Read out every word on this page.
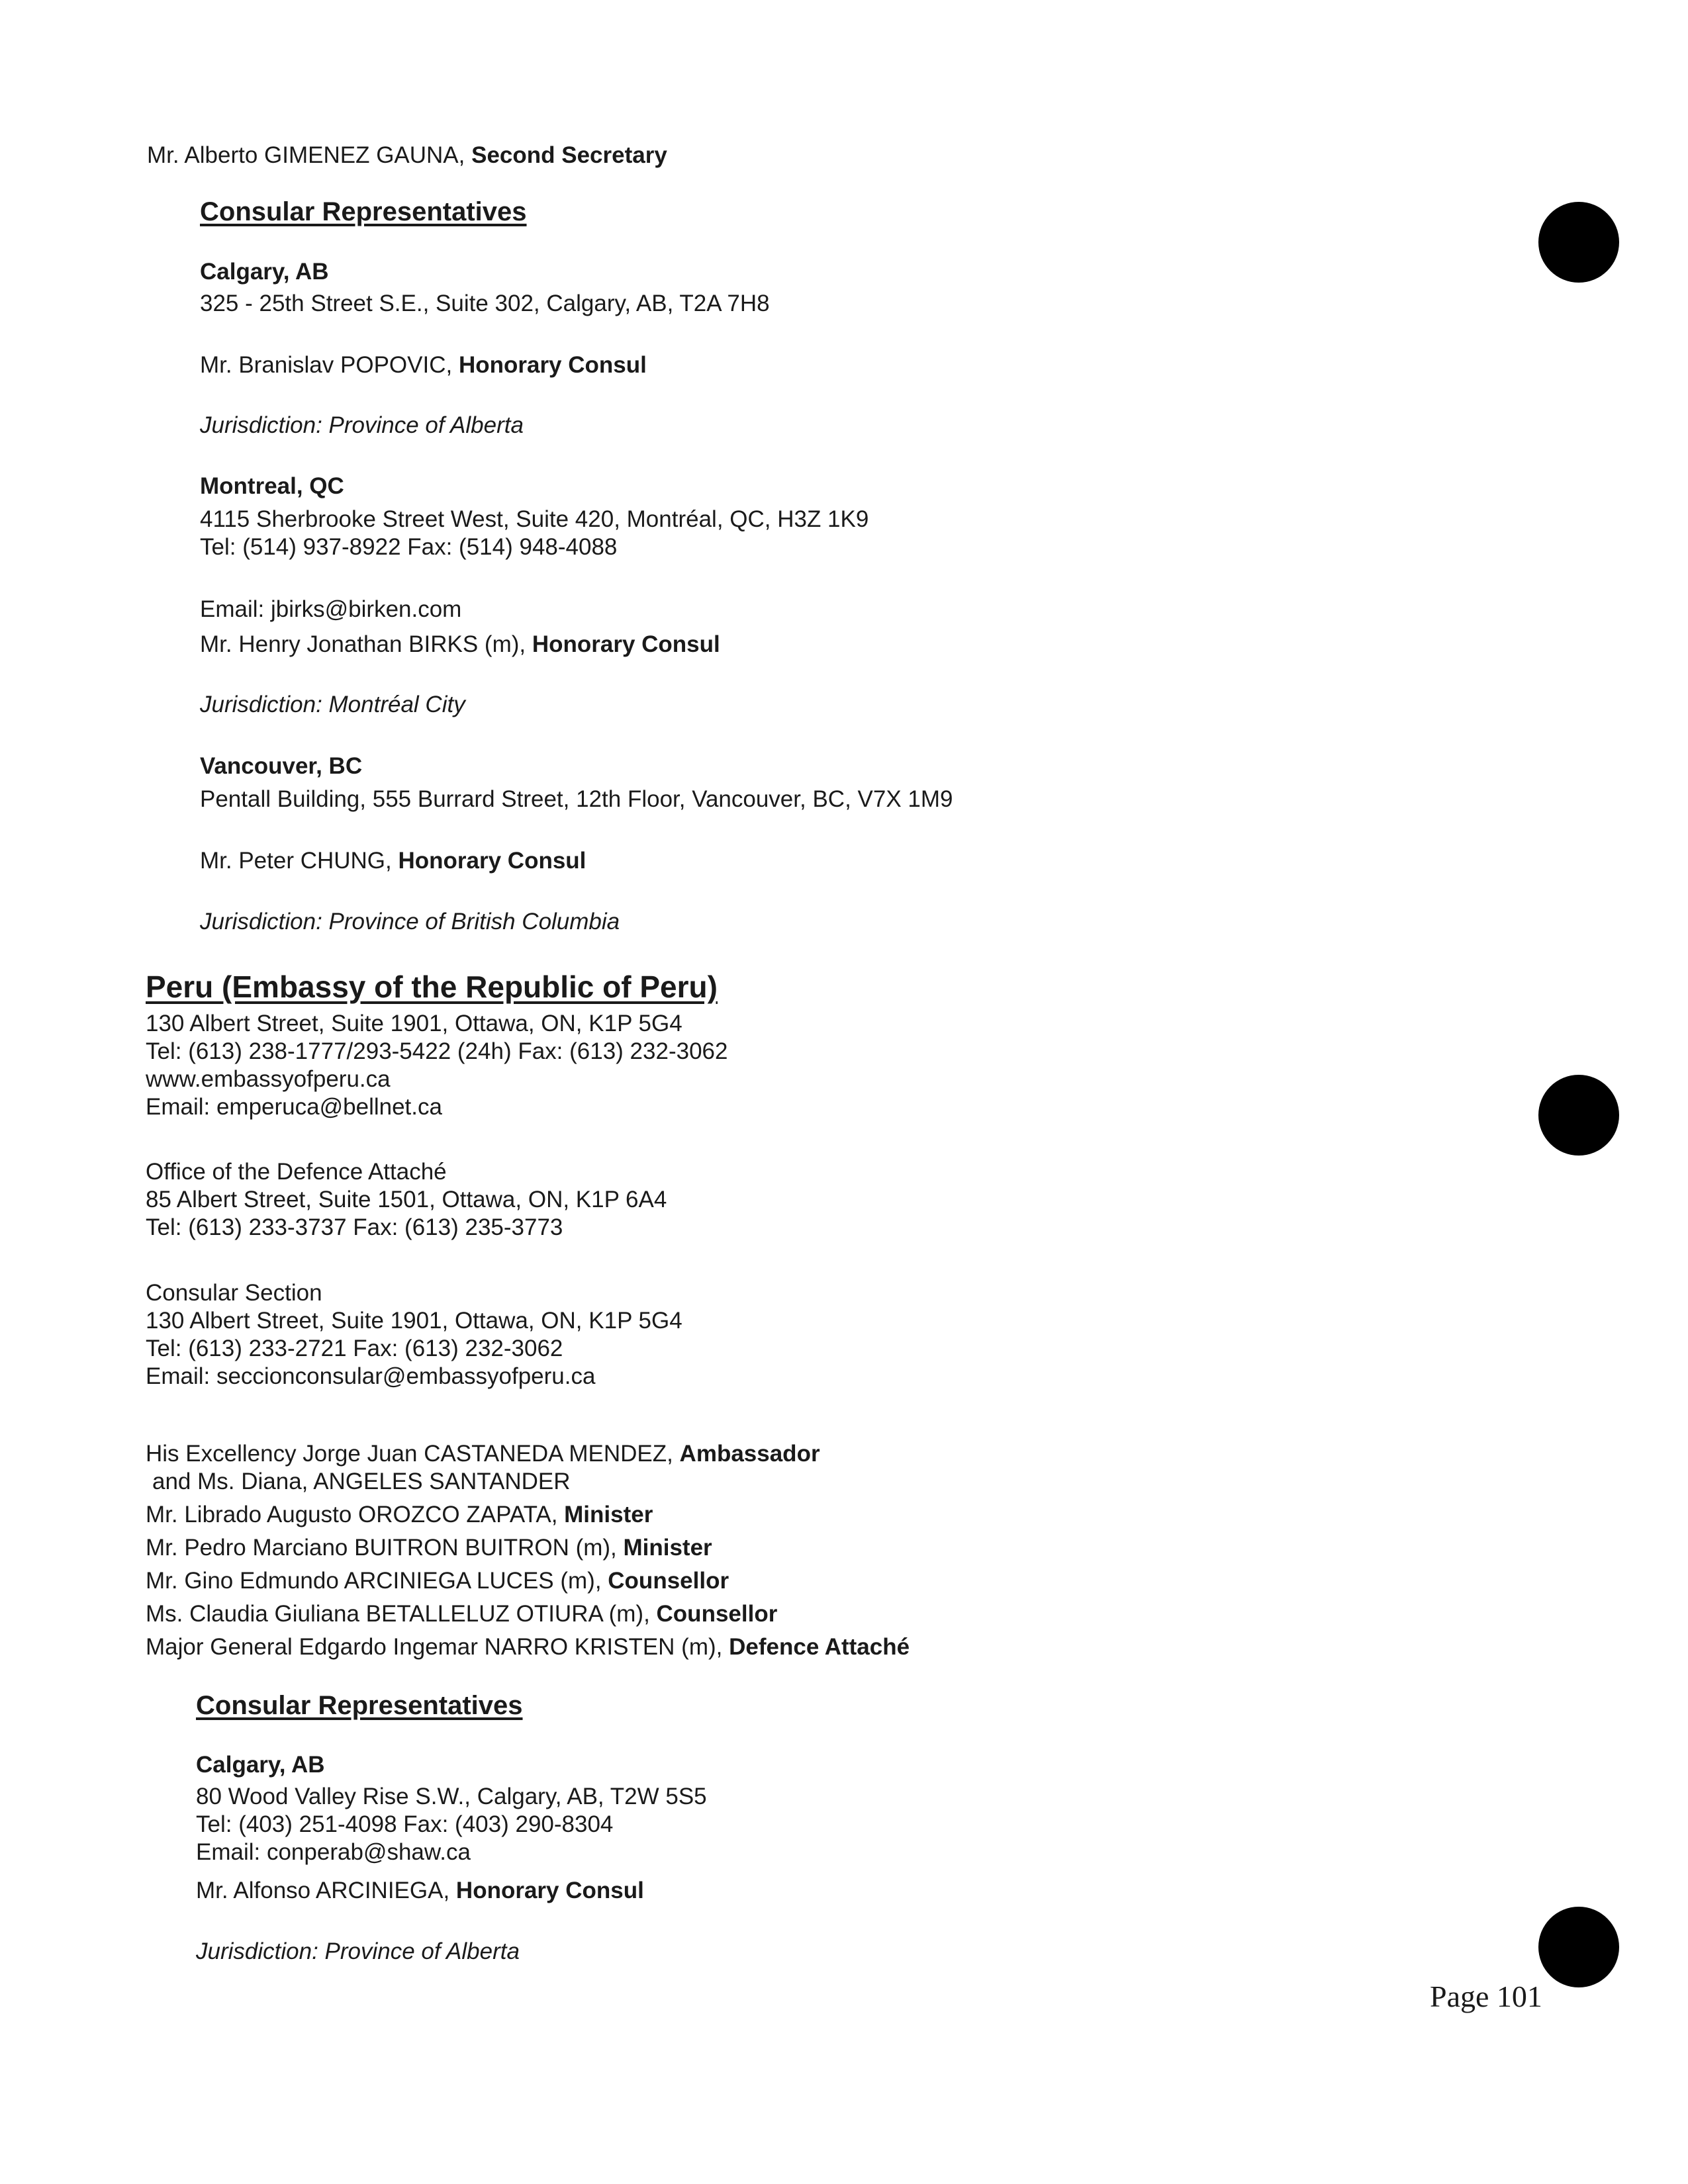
Mr. Alberto GIMENEZ GAUNA, Second Secretary
Consular Representatives
Calgary, AB
325 - 25th Street S.E., Suite 302, Calgary, AB, T2A 7H8
Mr. Branislav POPOVIC, Honorary Consul
Jurisdiction: Province of Alberta
Montreal, QC
4115 Sherbrooke Street West, Suite 420, Montréal, QC, H3Z 1K9
Tel: (514) 937-8922 Fax: (514) 948-4088
Email: jbirks@birken.com
Mr. Henry Jonathan BIRKS (m), Honorary Consul
Jurisdiction: Montréal City
Vancouver, BC
Pentall Building, 555 Burrard Street, 12th Floor, Vancouver, BC, V7X 1M9
Mr. Peter CHUNG, Honorary Consul
Jurisdiction: Province of British Columbia
Peru (Embassy of the Republic of Peru)
130 Albert Street, Suite 1901, Ottawa, ON, K1P 5G4
Tel: (613) 238-1777/293-5422 (24h) Fax: (613) 232-3062
www.embassyofperu.ca
Email: emperuca@bellnet.ca
Office of the Defence Attaché
85 Albert Street, Suite 1501, Ottawa, ON, K1P 6A4
Tel: (613) 233-3737 Fax: (613) 235-3773
Consular Section
130 Albert Street, Suite 1901, Ottawa, ON, K1P 5G4
Tel: (613) 233-2721 Fax: (613) 232-3062
Email: seccionconsular@embassyofperu.ca
His Excellency Jorge Juan CASTANEDA MENDEZ, Ambassador
and Ms. Diana, ANGELES SANTANDER
Mr. Librado Augusto OROZCO ZAPATA, Minister
Mr. Pedro Marciano BUITRON BUITRON (m), Minister
Mr. Gino Edmundo ARCINIEGA LUCES (m), Counsellor
Ms. Claudia Giuliana BETALLELUZ OTIURA (m), Counsellor
Major General Edgardo Ingemar NARRO KRISTEN (m), Defence Attaché
Consular Representatives
Calgary, AB
80 Wood Valley Rise S.W., Calgary, AB, T2W 5S5
Tel: (403) 251-4098 Fax: (403) 290-8304
Email: conperab@shaw.ca
Mr. Alfonso ARCINIEGA, Honorary Consul
Jurisdiction: Province of Alberta
Page 101
